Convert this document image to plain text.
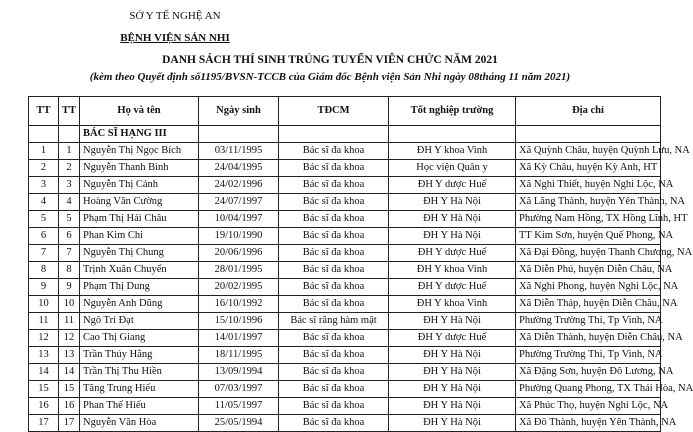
SỞ Y TẾ NGHỆ AN
BỆNH VIỆN SẢN NHI
DANH SÁCH THÍ SINH TRÚNG TUYỂN VIÊN CHỨC NĂM 2021
(kèm theo Quyết định số1195/BVSN-TCCB của Giám đốc Bệnh viện Sản Nhi ngày 08tháng 11 năm 2021)
TT	TT	Họ và tên	Ngày sinh	TĐCM	Tốt nghiệp trường	Địa chỉ
		BÁC SĨ HẠNG III				
1	1	Nguyễn Thị Ngọc Bích	03/11/1995	Bác sĩ đa khoa	ĐH Y khoa Vinh	Xã Quỳnh Châu, huyện Quỳnh Lưu, NA
2	2	Nguyễn Thanh Bình	24/04/1995	Bác sĩ đa khoa	Học viện Quân y	Xã Kỳ Châu, huyện Kỳ Anh, HT
3	3	Nguyễn Thị Cảnh	24/02/1996	Bác sĩ đa khoa	ĐH Y dược Huế	Xã Nghi Thiết, huyện Nghi Lộc, NA
4	4	Hoàng Văn Cường	24/07/1997	Bác sĩ đa khoa	ĐH Y Hà Nội	Xã Lăng Thành, huyện Yên Thành, NA
5	5	Phạm Thị Hải Châu	10/04/1997	Bác sĩ đa khoa	ĐH Y Hà Nội	Phường Nam Hồng, TX Hồng Lĩnh, HT
6	6	Phan Kim Chi	19/10/1990	Bác sĩ đa khoa	ĐH Y Hà Nội	TT Kim Sơn, huyện Quế Phong, NA
7	7	Nguyễn Thị Chung	20/06/1996	Bác sĩ đa khoa	ĐH Y dược Huế	Xã Đại Đồng, huyện Thanh Chương, NA
8	8	Trịnh Xuân Chuyển	28/01/1995	Bác sĩ đa khoa	ĐH Y khoa Vinh	Xã Diễn Phú, huyện Diễn Châu, NA
9	9	Phạm Thị Dung	20/02/1995	Bác sĩ đa khoa	ĐH Y dược Huế	Xã Nghi Phong, huyện Nghi Lộc, NA
10	10	Nguyễn Anh Dũng	16/10/1992	Bác sĩ đa khoa	ĐH Y khoa Vinh	Xã Diễn Tháp, huyện Diễn Châu, NA
11	11	Ngô Trí Đạt	15/10/1996	Bác sĩ răng hàm mặt	ĐH Y Hà Nội	Phường Trường Thi, Tp Vinh, NA
12	12	Cao Thị Giang	14/01/1997	Bác sĩ đa khoa	ĐH Y dược Huế	Xã Diễn Thành, huyện Diễn Châu, NA
13	13	Trần Thúy Hằng	18/11/1995	Bác sĩ đa khoa	ĐH Y Hà Nội	Phường Trường Thi, Tp Vinh, NA
14	14	Trần Thị Thu Hiền	13/09/1994	Bác sĩ đa khoa	ĐH Y Hà Nội	Xã Đặng Sơn, huyện Đô Lương, NA
15	15	Tăng Trung Hiếu	07/03/1997	Bác sĩ đa khoa	ĐH Y Hà Nội	Phường Quang Phong, TX Thái Hòa, NA
16	16	Phan Thế Hiếu	11/05/1997	Bác sĩ đa khoa	ĐH Y Hà Nội	Xã Phúc Thọ, huyện Nghi Lộc, NA
17	17	Nguyễn Văn Hòa	25/05/1994	Bác sĩ đa khoa	ĐH Y Hà Nội	Xã Đô Thành, huyện Yên Thành, NA
